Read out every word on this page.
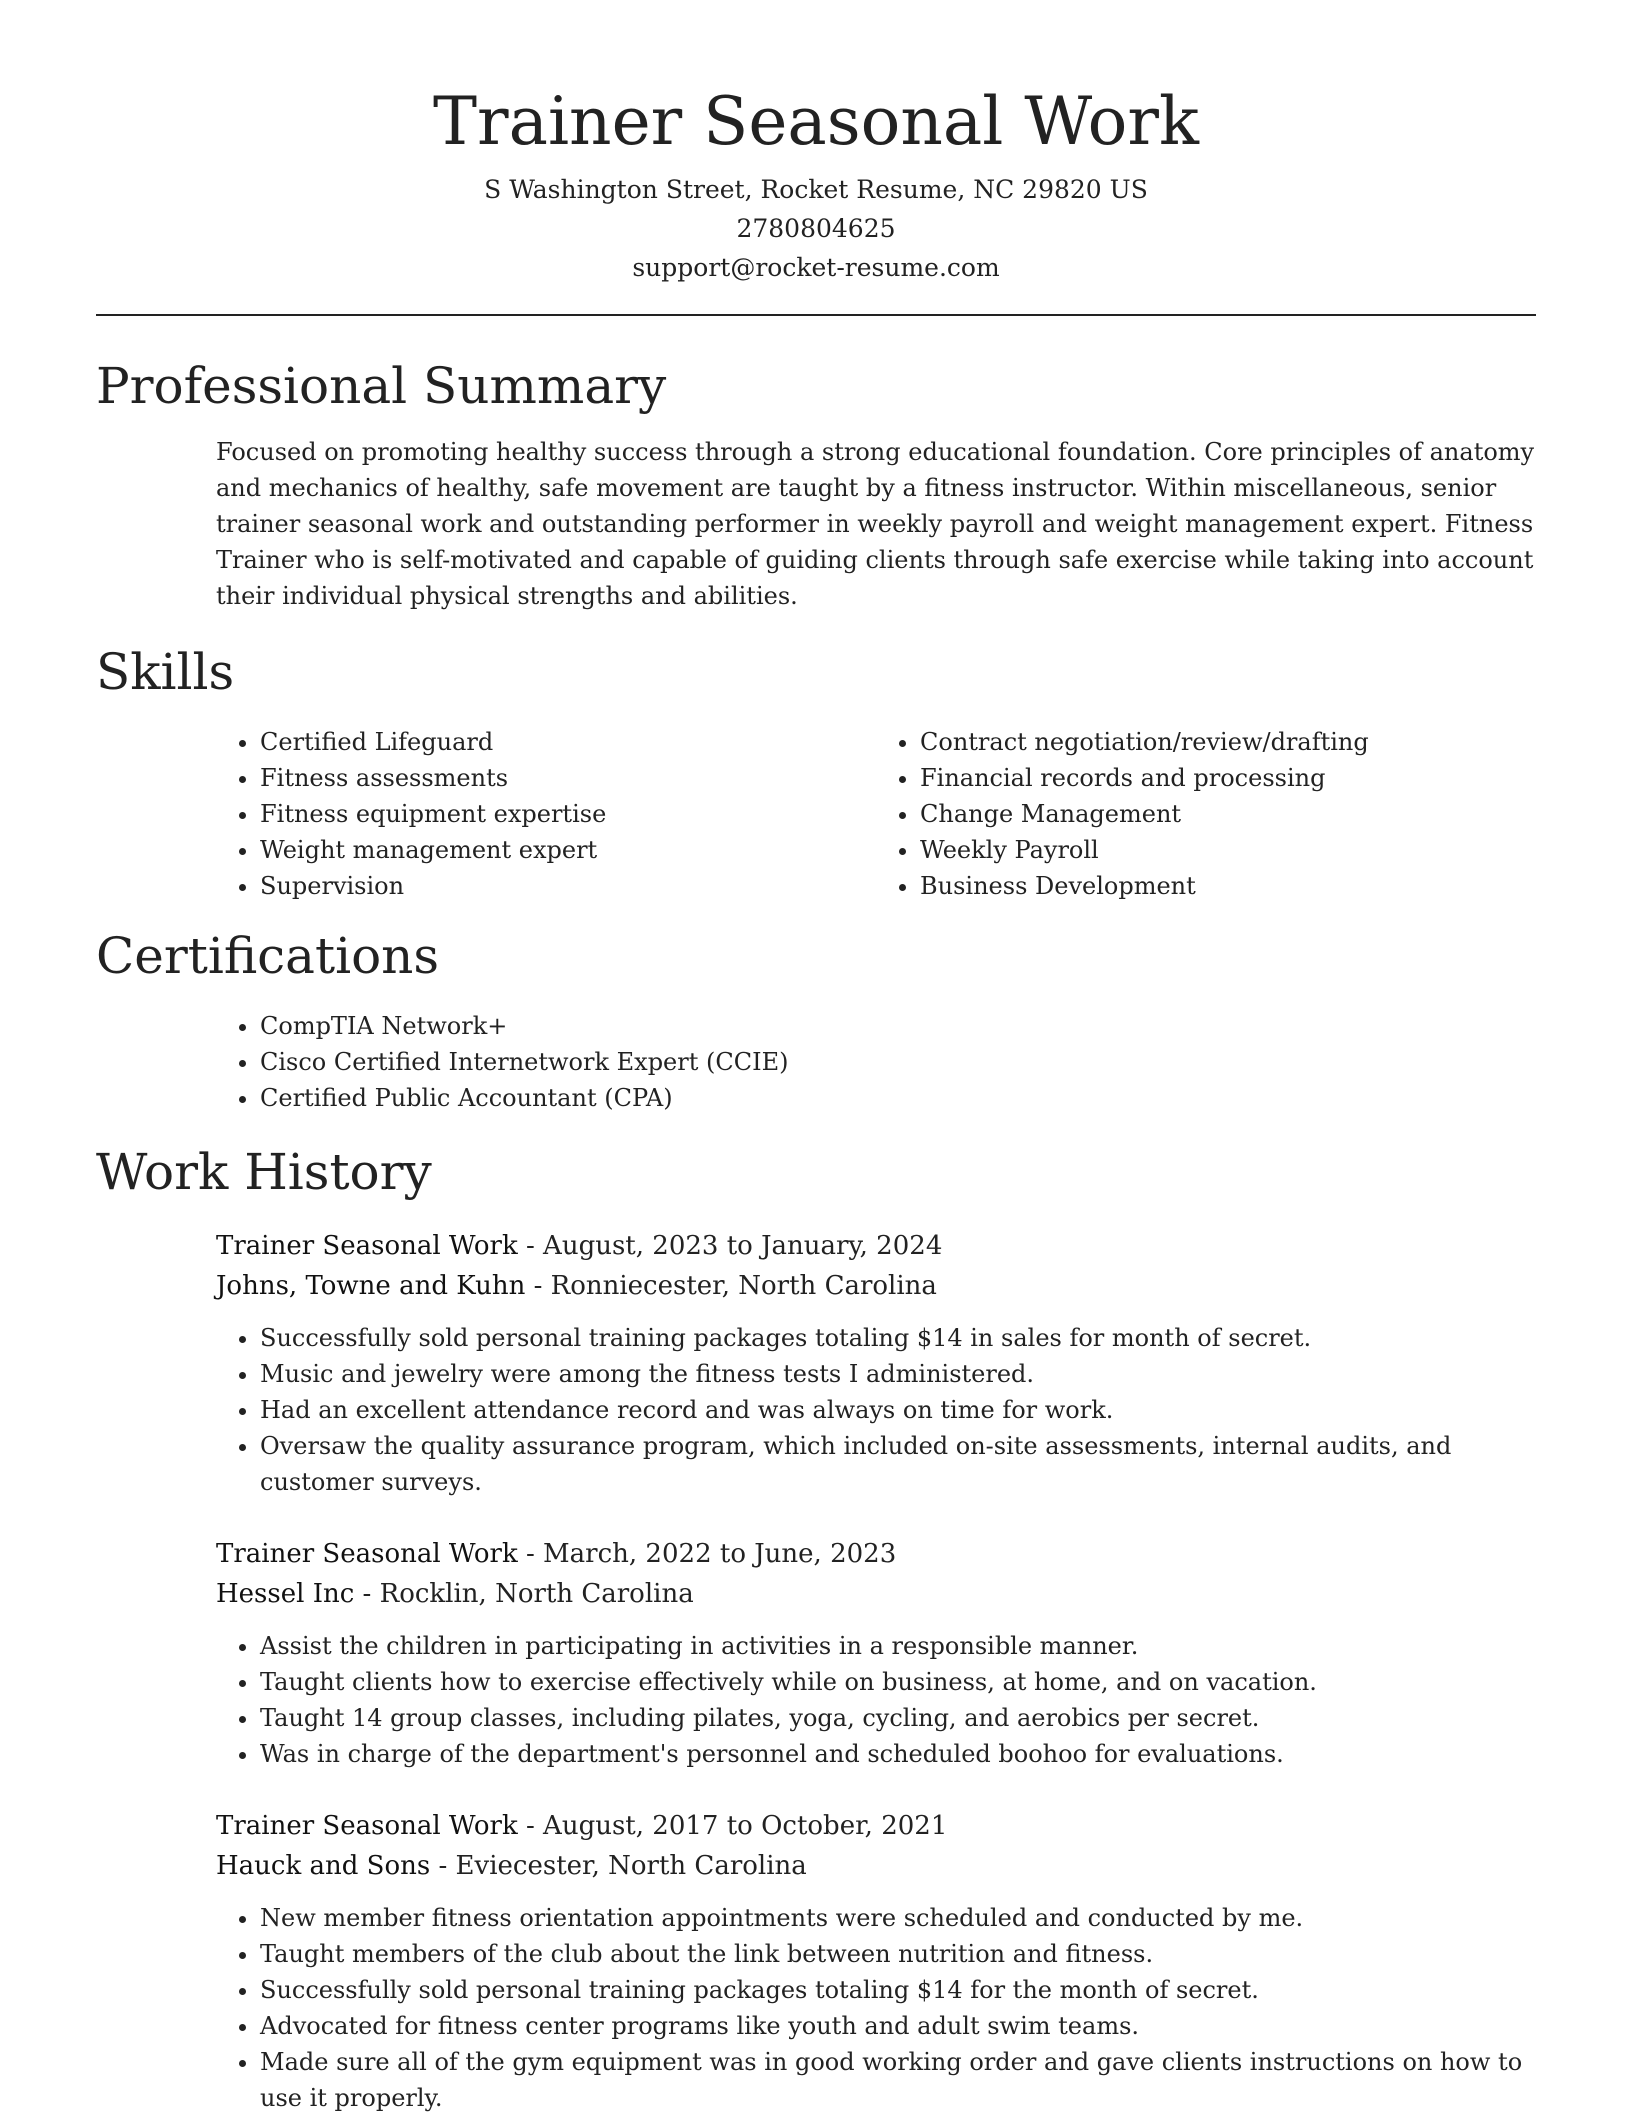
Trainer Seasonal Work
S Washington Street, Rocket Resume, NC 29820 US
2780804625
support@rocket-resume.com
Professional Summary

Focused on promoting healthy success through a strong educational foundation. Core principles of anatomy and mechanics of healthy, safe movement are taught by a fitness instructor. Within miscellaneous, senior trainer seasonal work and outstanding performer in weekly payroll and weight management expert. Fitness Trainer who is self-motivated and capable of guiding clients through safe exercise while taking into account their individual physical strengths and abilities.

Skills
• Certified Lifeguard
• Fitness assessments
• Fitness equipment expertise
• Weight management expert
• Supervision
• Contract negotiation/review/drafting
• Financial records and processing
• Change Management
• Weekly Payroll
• Business Development
Certifications
• CompTIA Network+
• Cisco Certified Internetwork Expert (CCIE)
• Certified Public Accountant (CPA)
Work History
Trainer Seasonal Work - August, 2023 to January, 2024
Johns, Towne and Kuhn - Ronniecester, North Carolina
• Successfully sold personal training packages totaling $14 in sales for month of secret.
• Music and jewelry were among the fitness tests I administered.
• Had an excellent attendance record and was always on time for work.
• Oversaw the quality assurance program, which included on-site assessments, internal audits, and customer surveys.
Trainer Seasonal Work - March, 2022 to June, 2023
Hessel Inc - Rocklin, North Carolina
• Assist the children in participating in activities in a responsible manner.
• Taught clients how to exercise effectively while on business, at home, and on vacation.
• Taught 14 group classes, including pilates, yoga, cycling, and aerobics per secret.
• Was in charge of the department's personnel and scheduled boohoo for evaluations.
Trainer Seasonal Work - August, 2017 to October, 2021
Hauck and Sons - Eviecester, North Carolina
• New member fitness orientation appointments were scheduled and conducted by me.
• Taught members of the club about the link between nutrition and fitness.
• Successfully sold personal training packages totaling $14 for the month of secret.
• Advocated for fitness center programs like youth and adult swim teams.
• Made sure all of the gym equipment was in good working order and gave clients instructions on how to use it properly.
